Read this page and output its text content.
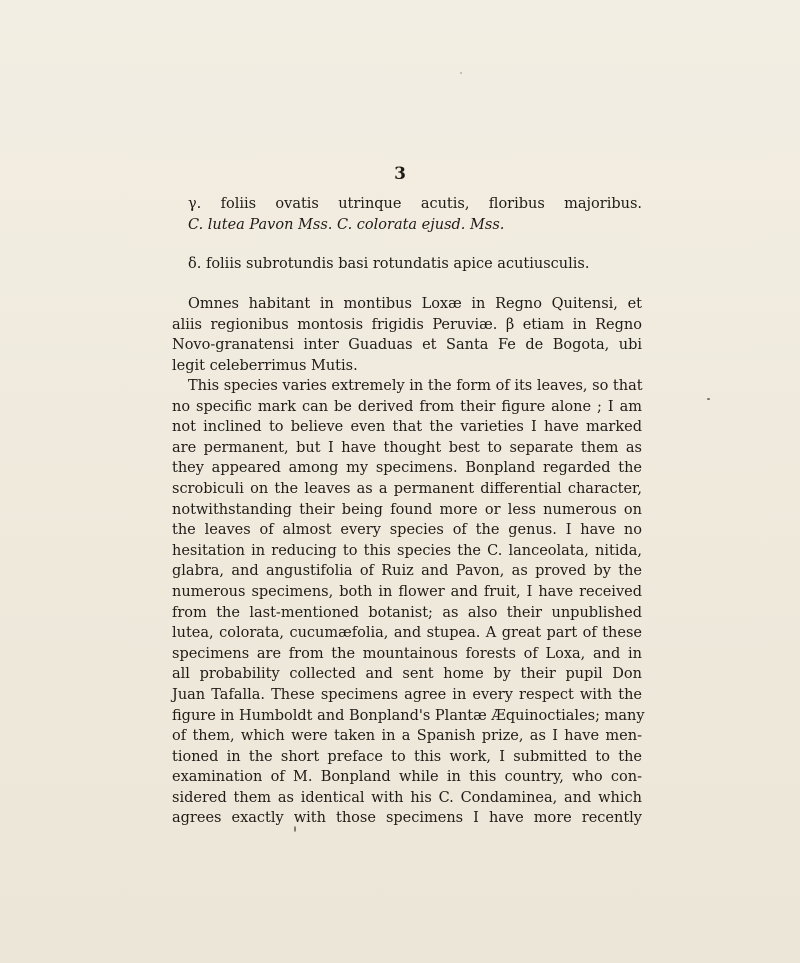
3
γ. foliis ovatis utrinque acutis, floribus majoribus.
C. lutea Pavon Mss. C. colorata ejusd. Mss.
δ. foliis subrotundis basi rotundatis apice acutiusculis.
Omnes habitant in montibus Loxæ in Regno Quitensi, et
aliis regionibus montosis frigidis Peruviæ. β etiam in Regno
Novo-granatensi inter Guaduas et Santa Fe de Bogota, ubi
legit celeberrimus Mutis.
This species varies extremely in the form of its leaves, so that
no specific mark can be derived from their figure alone ; I am
not inclined to believe even that the varieties I have marked
are permanent, but I have thought best to separate them as
they appeared among my specimens. Bonpland regarded the
scrobiculi on the leaves as a permanent differential character,
notwithstanding their being found more or less numerous on
the leaves of almost every species of the genus. I have no
hesitation in reducing to this species the C. lanceolata, nitida,
glabra, and angustifolia of Ruiz and Pavon, as proved by the
numerous specimens, both in flower and fruit, I have received
from the last-mentioned botanist; as also their unpublished
lutea, colorata, cucumæfolia, and stupea. A great part of these
specimens are from the mountainous forests of Loxa, and in
all probability collected and sent home by their pupil Don
Juan Tafalla. These specimens agree in every respect with the
figure in Humboldt and Bonpland's Plantæ Æquinoctiales; many
of them, which were taken in a Spanish prize, as I have men-
tioned in the short preface to this work, I submitted to the
examination of M. Bonpland while in this country, who con-
sidered them as identical with his C. Condaminea, and which
agrees exactly with those specimens I have more recently
